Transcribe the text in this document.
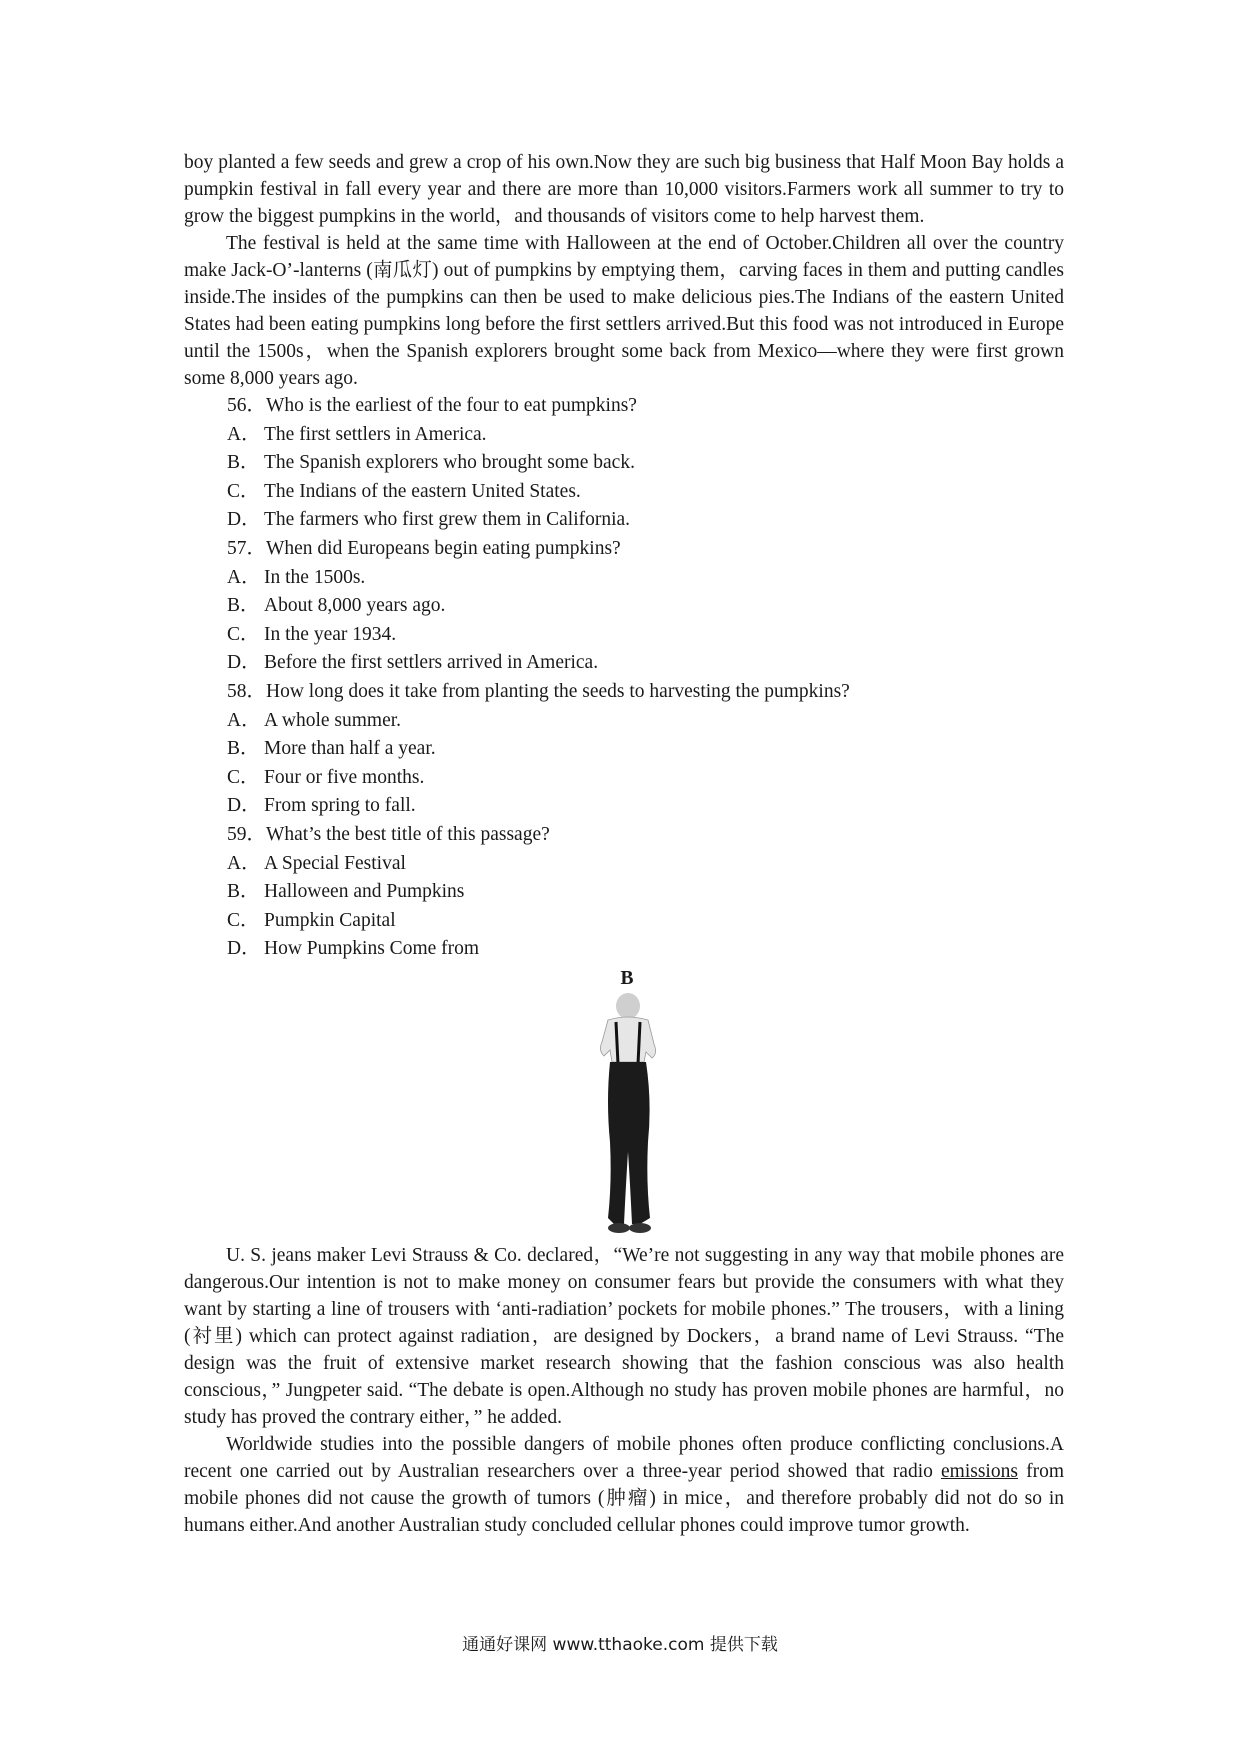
boy planted a few seeds and grew a crop of his own.Now they are such big business that Half Moon Bay holds a pumpkin festival in fall every year and there are more than 10,000 visitors.Farmers work all summer to try to grow the biggest pumpkins in the world，and thousands of visitors come to help harvest them.

The festival is held at the same time with Halloween at the end of October.Children all over the country make Jack-O’-lanterns (南瓜灯) out of pumpkins by emptying them，carving faces in them and putting candles inside.The insides of the pumpkins can then be used to make delicious pies.The Indians of the eastern United States had been eating pumpkins long before the first settlers arrived.But this food was not introduced in Europe until the 1500s，when the Spanish explorers brought some back from Mexico—where they were first grown some 8,000 years ago.

56．Who is the earliest of the four to eat pumpkins?

A． The first settlers in America.

B． The Spanish explorers who brought some back.

C． The Indians of the eastern United States.

D． The farmers who first grew them in California.

57．When did Europeans begin eating pumpkins?

A． In the 1500s.

B． About 8,000 years ago.

C． In the year 1934.

D． Before the first settlers arrived in America.

58．How long does it take from planting the seeds to harvesting the pumpkins?

A． A whole summer.

B． More than half a year.

C． Four or five months.

D． From spring to fall.

59．What’s the best title of this passage?

A． A Special Festival

B． Halloween and Pumpkins

C． Pumpkin Capital

D． How Pumpkins Come from

B

U. S. jeans maker Levi Strauss & Co. declared，“We’re not suggesting in any way that mobile phones are dangerous.Our intention is not to make money on consumer fears but provide the consumers with what they want by starting a line of trousers with ‘anti-radiation’ pockets for mobile phones.” The trousers，with a lining (衬里) which can protect against radiation，are designed by Dockers，a brand name of Levi Strauss. “The design was the fruit of extensive market research showing that the fashion conscious was also health conscious，” Jungpeter said. “The debate is open.Although no study has proven mobile phones are harmful，no study has proved the contrary either，” he added.

Worldwide studies into the possible dangers of mobile phones often produce conflicting conclusions.A recent one carried out by Australian researchers over a three-year period showed that radio emissions from mobile phones did not cause the growth of tumors (肿瘤) in mice，and therefore probably did not do so in humans either.And another Australian study concluded cellular phones could improve tumor growth.

通通好课网 www.tthaoke.com 提供下载
